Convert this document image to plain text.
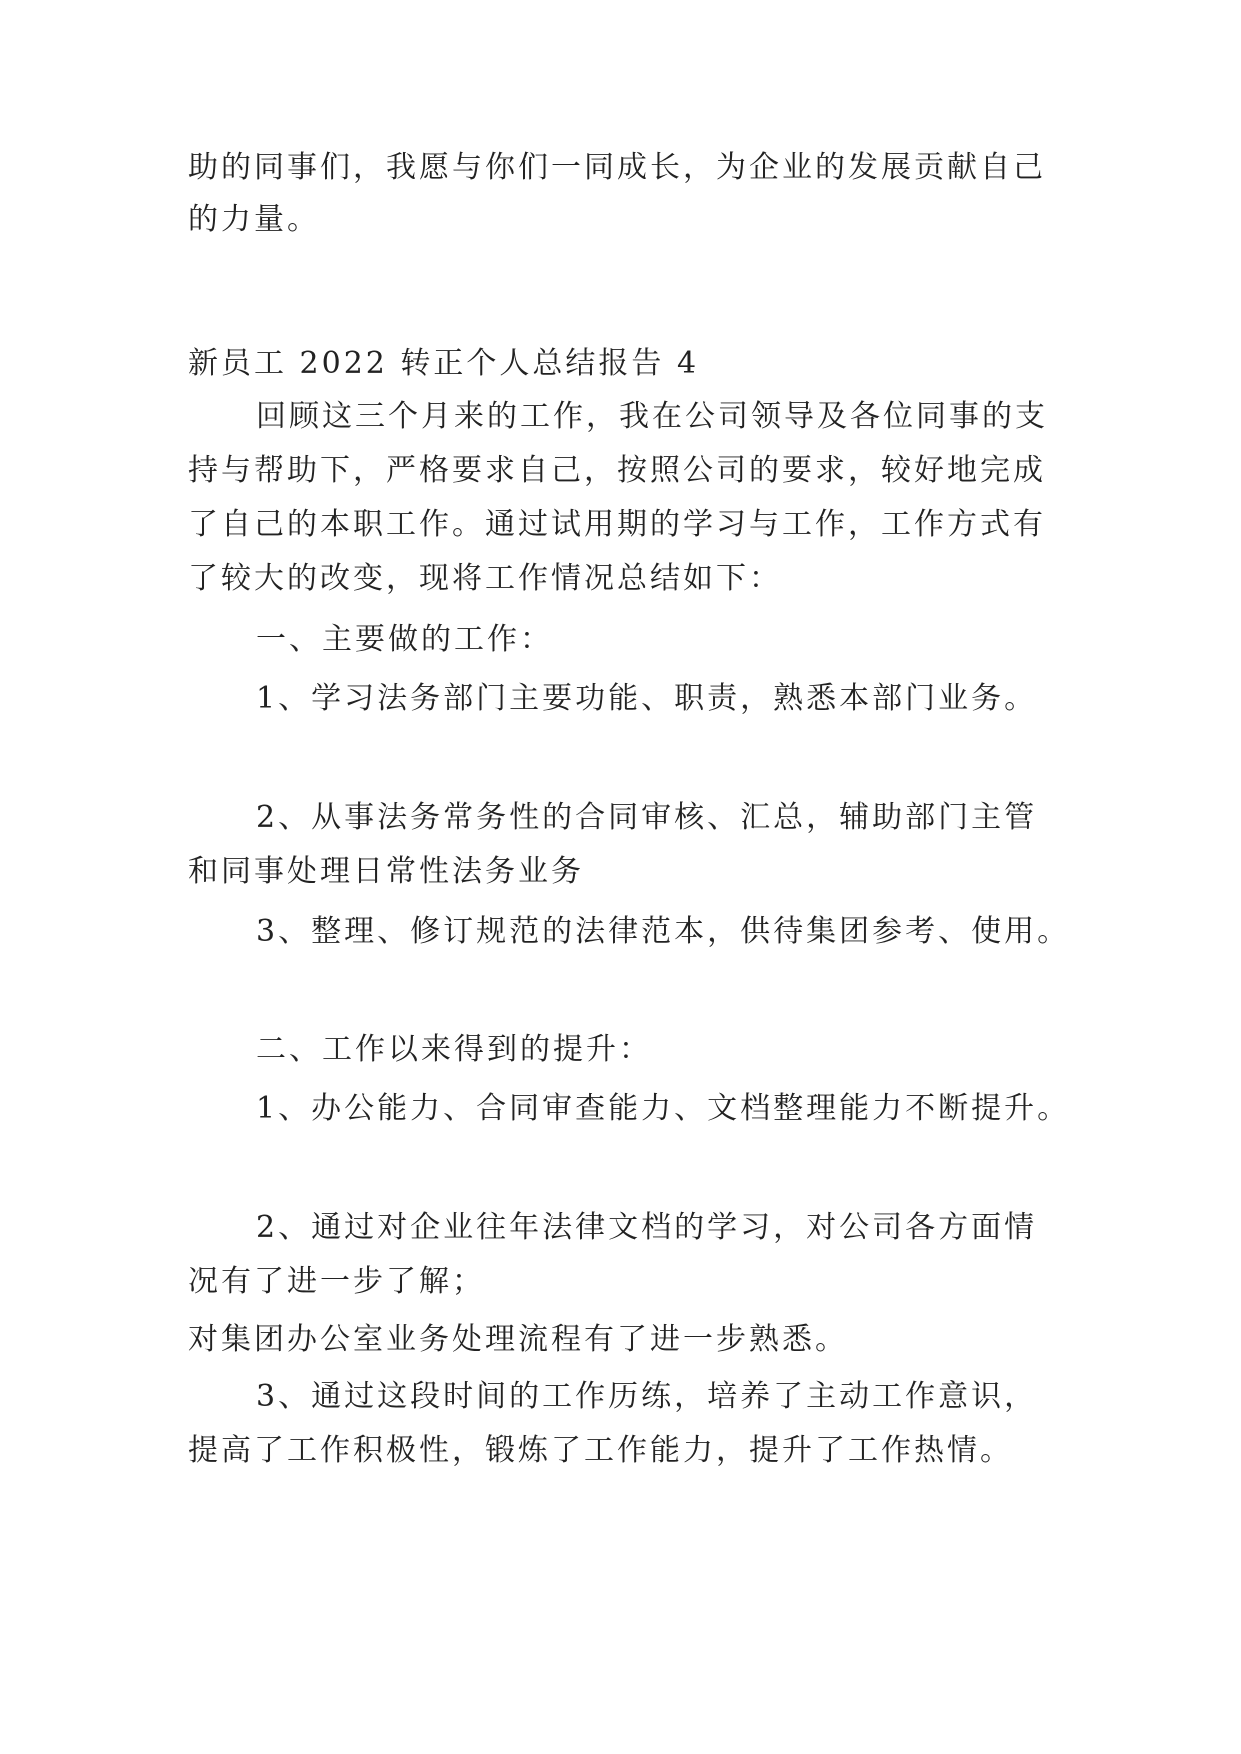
助的同事们，我愿与你们一同成长，为企业的发展贡献自己
的力量。
新员工 2022 转正个人总结报告 4
回顾这三个月来的工作，我在公司领导及各位同事的支
持与帮助下，严格要求自己，按照公司的要求，较好地完成
了自己的本职工作。通过试用期的学习与工作，工作方式有
了较大的改变，现将工作情况总结如下：
一、主要做的工作：
1、学习法务部门主要功能、职责，熟悉本部门业务。
2、从事法务常务性的合同审核、汇总，辅助部门主管
和同事处理日常性法务业务
3、整理、修订规范的法律范本，供待集团参考、使用。
二、工作以来得到的提升：
1、办公能力、合同审查能力、文档整理能力不断提升。
2、通过对企业往年法律文档的学习，对公司各方面情
况有了进一步了解；
对集团办公室业务处理流程有了进一步熟悉。
3、通过这段时间的工作历练，培养了主动工作意识，
提高了工作积极性，锻炼了工作能力，提升了工作热情。
